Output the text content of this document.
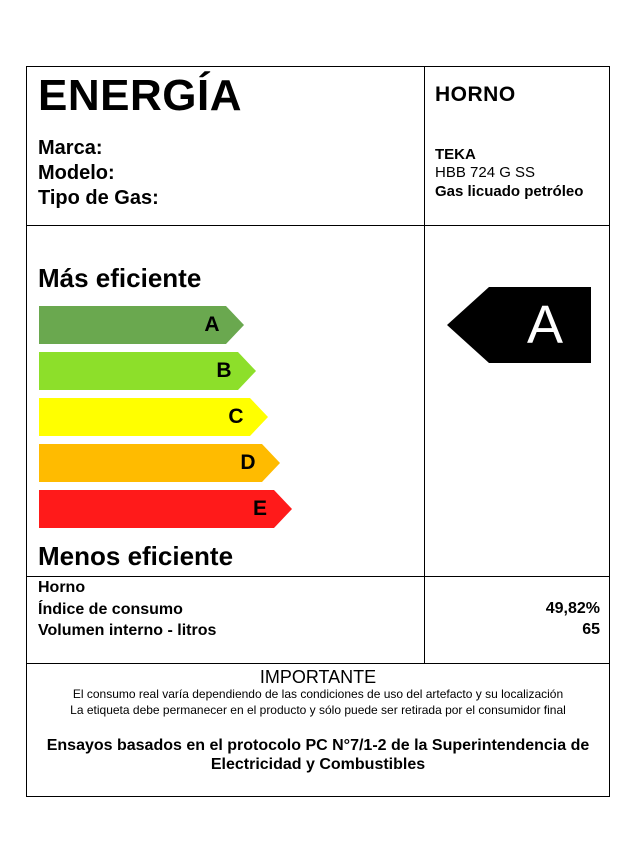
ENERGÍA
Marca:
Modelo:
Tipo de Gas:
HORNO
TEKA
HBB 724 G SS
Gas licuado petróleo
Más eficiente
A
B
C
D
E
Menos eficiente
A
Horno
Índice de consumo
Volumen interno - litros
49,82%
65
IMPORTANTE
El consumo real varía dependiendo de las condiciones de uso del artefacto y su localización
La etiqueta debe permanecer en el producto y sólo puede ser retirada por el consumidor final
Ensayos basados en el protocolo PC N°7/1-2 de la Superintendencia de
Electricidad y Combustibles
